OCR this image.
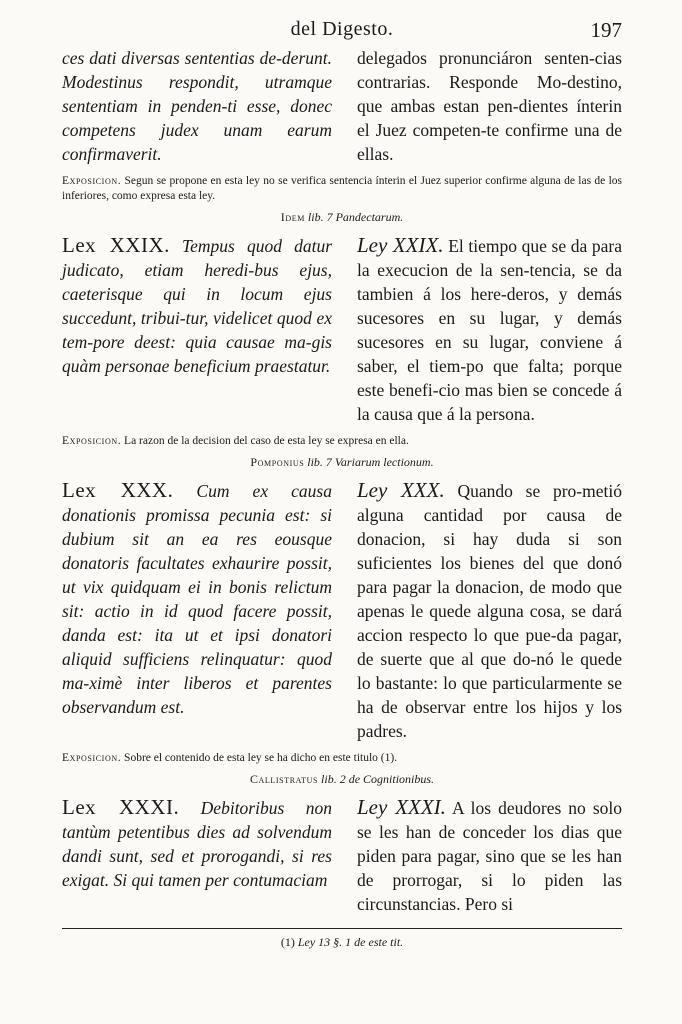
del Digesto.	197

ces dati diversas sententias de-derunt. Modestinus respondit, utramque sententiam in penden-ti esse, donec competens judex unam earum confirmaverit.

delegados pronunciáron senten-cias contrarias. Responde Mo-destino, que ambas estan pen-dientes ínterin el Juez competen-te confirme una de ellas.

Exposicion. Segun se propone en esta ley no se verifica sentencia ínterin el Juez superior confirme alguna de las de los inferiores, como expresa esta ley.
Idem lib. 7 Pandectarum.

Lex XXIX. Tempus quod datur judicato, etiam heredi-bus ejus, caeterisque qui in locum ejus succedunt, tribui-tur, videlicet quod ex tem-pore deest: quia causae ma-gis quàm personae beneficium praestatur.

Ley XXIX. El tiempo que se da para la execucion de la sen-tencia, se da tambien á los here-deros, y demás sucesores en su lugar, y demás sucesores en su lugar, conviene á saber, el tiem-po que falta; porque este benefi-cio mas bien se concede á la causa que á la persona.

Exposicion. La razon de la decision del caso de esta ley se expresa en ella.
Pomponius lib. 7 Variarum lectionum.

Lex XXX. Cum ex causa donationis promissa pecunia est: si dubium sit an ea res eousque donatoris facultates exhaurire possit, ut vix quidquam ei in bonis relictum sit: actio in id quod facere possit, danda est: ita ut et ipsi donatori aliquid sufficiens relinquatur: quod ma-ximè inter liberos et parentes observandum est.

Ley XXX. Quando se pro-metió alguna cantidad por causa de donacion, si hay duda si son suficientes los bienes del que donó para pagar la donacion, de modo que apenas le quede alguna cosa, se dará accion respecto lo que pue-da pagar, de suerte que al que do-nó le quede lo bastante: lo que particularmente se ha de observar entre los hijos y los padres.

Exposicion. Sobre el contenido de esta ley se ha dicho en este titulo (1).
Callistratus lib. 2 de Cognitionibus.

Lex XXXI. Debitoribus non tantùm petentibus dies ad solvendum dandi sunt, sed et prorogandi, si res exigat. Si qui tamen per contumaciam

Ley XXXI. A los deudores no solo se les han de conceder los dias que piden para pagar, sino que se les han de prorrogar, si lo piden las circunstancias. Pero si

(1) Ley 13 §. 1 de este tit.
